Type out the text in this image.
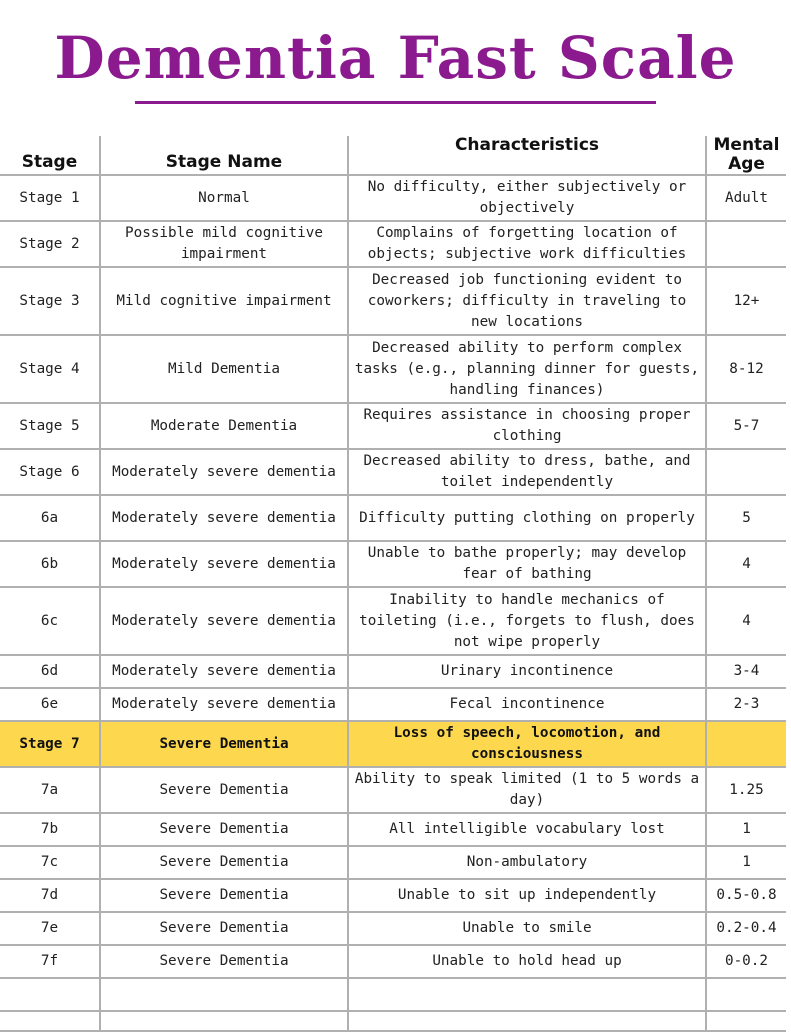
Dementia Fast Scale
Stage	Stage Name	Characteristics	Mental Age
Stage 1	Normal	No difficulty, either subjectively or objectively	Adult
Stage 2	Possible mild cognitive impairment	Complains of forgetting location of objects; subjective work difficulties	
Stage 3	Mild cognitive impairment	Decreased job functioning evident to coworkers; difficulty in traveling to new locations	12+
Stage 4	Mild Dementia	Decreased ability to perform complex tasks (e.g., planning dinner for guests, handling finances)	8-12
Stage 5	Moderate Dementia	Requires assistance in choosing proper clothing	5-7
Stage 6	Moderately severe dementia	Decreased ability to dress, bathe, and toilet independently	
6a	Moderately severe dementia	Difficulty putting clothing on properly	5
6b	Moderately severe dementia	Unable to bathe properly; may develop fear of bathing	4
6c	Moderately severe dementia	Inability to handle mechanics of toileting (i.e., forgets to flush, does not wipe properly	4
6d	Moderately severe dementia	Urinary incontinence	3-4
6e	Moderately severe dementia	Fecal incontinence	2-3
Stage 7	Severe Dementia	Loss of speech, locomotion, and consciousness	
7a	Severe Dementia	Ability to speak limited (1 to 5 words a day)	1.25
7b	Severe Dementia	All intelligible vocabulary lost	1
7c	Severe Dementia	Non-ambulatory	1
7d	Severe Dementia	Unable to sit up independently	0.5-0.8
7e	Severe Dementia	Unable to smile	0.2-0.4
7f	Severe Dementia	Unable to hold head up	0-0.2
